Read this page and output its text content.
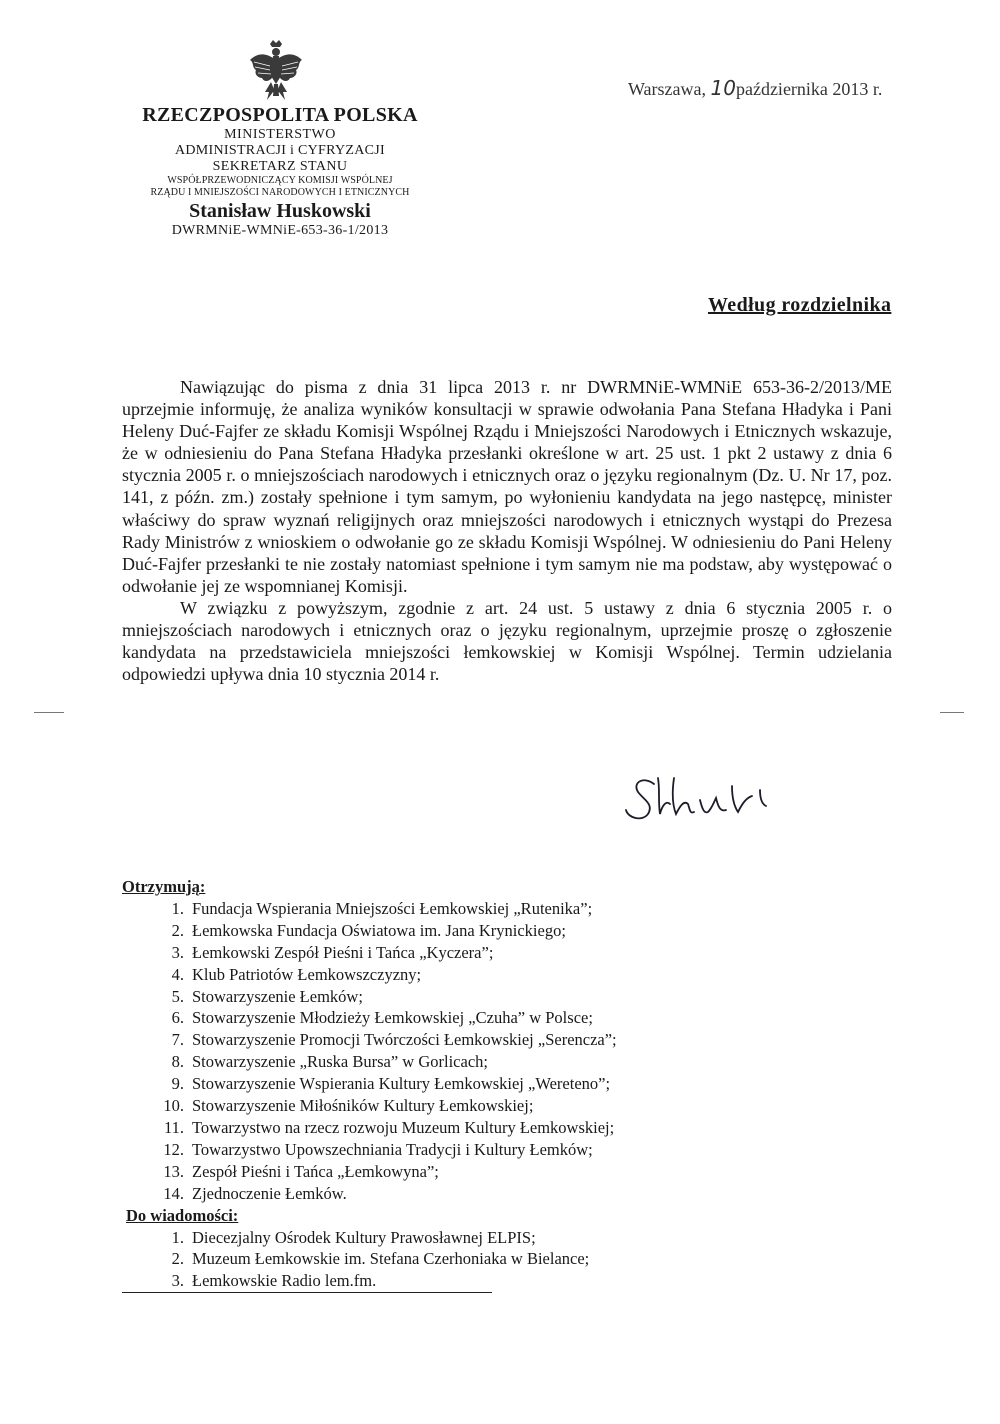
RZECZPOSPOLITA POLSKA
MINISTERSTWO
ADMINISTRACJI i CYFRYZACJI
SEKRETARZ STANU
WSPÓŁPRZEWODNICZĄCY KOMISJI WSPÓLNEJ
RZĄDU I MNIEJSZOŚCI NARODOWYCH I ETNICZNYCH
Stanisław Huskowski
DWRMNiE-WMNiE-653-36-1/2013
Warszawa, 10października 2013 r.
Według rozdzielnika

Nawiązując do pisma z dnia 31 lipca 2013 r. nr DWRMNiE-WMNiE 653-36-2/2013/ME uprzejmie informuję, że analiza wyników konsultacji w sprawie odwołania Pana Stefana Hładyka i Pani Heleny Duć-Fajfer ze składu Komisji Wspólnej Rządu i Mniejszości Narodowych i Etnicznych wskazuje, że w odniesieniu do Pana Stefana Hładyka przesłanki określone w art. 25 ust. 1 pkt 2 ustawy z dnia 6 stycznia 2005 r. o mniejszościach narodowych i etnicznych oraz o języku regionalnym (Dz. U. Nr 17, poz. 141, z późn. zm.) zostały spełnione i tym samym, po wyłonieniu kandydata na jego następcę, minister właściwy do spraw wyznań religijnych oraz mniejszości narodowych i etnicznych wystąpi do Prezesa Rady Ministrów z wnioskiem o odwołanie go ze składu Komisji Wspólnej. W odniesieniu do Pani Heleny Duć-Fajfer przesłanki te nie zostały natomiast spełnione i tym samym nie ma podstaw, aby występować o odwołanie jej ze wspomnianej Komisji.

W związku z powyższym, zgodnie z art. 24 ust. 5 ustawy z dnia 6 stycznia 2005 r. o mniejszościach narodowych i etnicznych oraz o języku regionalnym, uprzejmie proszę o zgłoszenie kandydata na przedstawiciela mniejszości łemkowskiej w Komisji Wspólnej. Termin udzielania odpowiedzi upływa dnia 10 stycznia 2014 r.

Otrzymują:
1. Fundacja Wspierania Mniejszości Łemkowskiej „Rutenika”;
2. Łemkowska Fundacja Oświatowa im. Jana Krynickiego;
3. Łemkowski Zespół Pieśni i Tańca „Kyczera”;
4. Klub Patriotów Łemkowszczyzny;
5. Stowarzyszenie Łemków;
6. Stowarzyszenie Młodzieży Łemkowskiej „Czuha” w Polsce;
7. Stowarzyszenie Promocji Twórczości Łemkowskiej „Serencza”;
8. Stowarzyszenie „Ruska Bursa” w Gorlicach;
9. Stowarzyszenie Wspierania Kultury Łemkowskiej „Wereteno”;
10. Stowarzyszenie Miłośników Kultury Łemkowskiej;
11. Towarzystwo na rzecz rozwoju Muzeum Kultury Łemkowskiej;
12. Towarzystwo Upowszechniania Tradycji i Kultury Łemków;
13. Zespół Pieśni i Tańca „Łemkowyna”;
14. Zjednoczenie Łemków.
Do wiadomości:
1. Diecezjalny Ośrodek Kultury Prawosławnej ELPIS;
2. Muzeum Łemkowskie im. Stefana Czerhoniaka w Bielance;
3. Łemkowskie Radio lem.fm.
